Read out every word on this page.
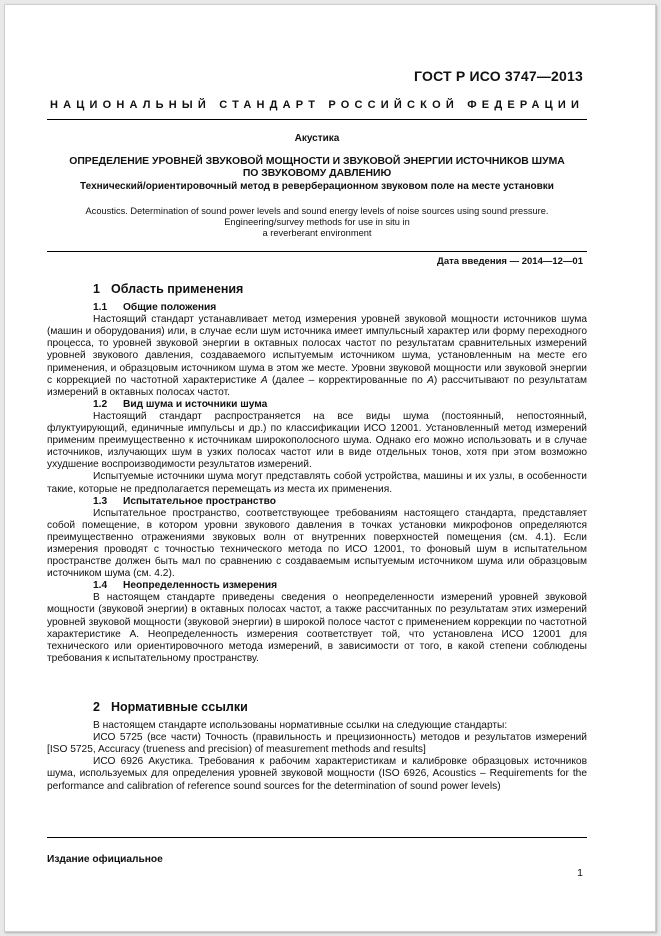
ГОСТ Р ИСО 3747—2013
НАЦИОНАЛЬНЫЙ СТАНДАРТ РОССИЙСКОЙ ФЕДЕРАЦИИ
Акустика
ОПРЕДЕЛЕНИЕ УРОВНЕЙ ЗВУКОВОЙ МОЩНОСТИ И ЗВУКОВОЙ ЭНЕРГИИ ИСТОЧНИКОВ ШУМА
ПО ЗВУКОВОМУ ДАВЛЕНИЮ
Технический/ориентировочный метод в реверберационном звуковом поле на месте установки
Acoustics. Determination of sound power levels and sound energy levels of noise sources using sound pressure.
Engineering/survey methods for use in situ in
a reverberant environment
Дата введения — 2014—12—01

1 Область применения

1.1 Общие положения

Настоящий стандарт устанавливает метод измерения уровней звуковой мощности источников шума (машин и оборудования) или, в случае если шум источника имеет импульсный характер или форму переходного процесса, то уровней звуковой энергии в октавных полосах частот по результатам сравнительных измерений уровней звукового давления, создаваемого испытуемым источником шума, установленным на месте его применения, и образцовым источником шума в этом же месте. Уровни звуковой мощности или звуковой энергии с коррекцией по частотной характеристике A (далее – корректированные по A) рассчитывают по результатам измерений в октавных полосах частот.

1.2 Вид шума и источники шума

Настоящий стандарт распространяется на все виды шума (постоянный, непостоянный, флуктуирующий, единичные импульсы и др.) по классификации ИСО 12001. Установленный метод измерений применим преимущественно к источникам широкополосного шума. Однако его можно использовать и в случае источников, излучающих шум в узких полосах частот или в виде отдельных тонов, хотя при этом возможно ухудшение воспроизводимости результатов измерений.

Испытуемые источники шума могут представлять собой устройства, машины и их узлы, в особенности такие, которые не предполагается перемещать из места их применения.

1.3 Испытательное пространство

Испытательное пространство, соответствующее требованиям настоящего стандарта, представляет собой помещение, в котором уровни звукового давления в точках установки микрофонов определяются преимущественно отражениями звуковых волн от внутренних поверхностей помещения (см. 4.1). Если измерения проводят с точностью технического метода по ИСО 12001, то фоновый шум в испытательном пространстве должен быть мал по сравнению с создаваемым испытуемым источником шума или образцовым источником шума (см. 4.2).

1.4 Неопределенность измерения

В настоящем стандарте приведены сведения о неопределенности измерений уровней звуковой мощности (звуковой энергии) в октавных полосах частот, а также рассчитанных по результатам этих измерений уровней звуковой мощности (звуковой энергии) в широкой полосе частот с применением коррекции по частотной характеристике А. Неопределенность измерения соответствует той, что установлена ИСО 12001 для технического или ориентировочного метода измерений, в зависимости от того, в какой степени соблюдены требования к испытательному пространству.

2 Нормативные ссылки

В настоящем стандарте использованы нормативные ссылки на следующие стандарты:

ИСО 5725 (все части) Точность (правильность и прецизионность) методов и результатов измерений [ISO 5725, Accuracy (trueness and precision) of measurement methods and results]

ИСО 6926 Акустика. Требования к рабочим характеристикам и калибровке образцовых источников шума, используемых для определения уровней звуковой мощности (ISO 6926, Acoustics – Requirements for the performance and calibration of reference sound sources for the determination of sound power levels)

Издание официальное
1
